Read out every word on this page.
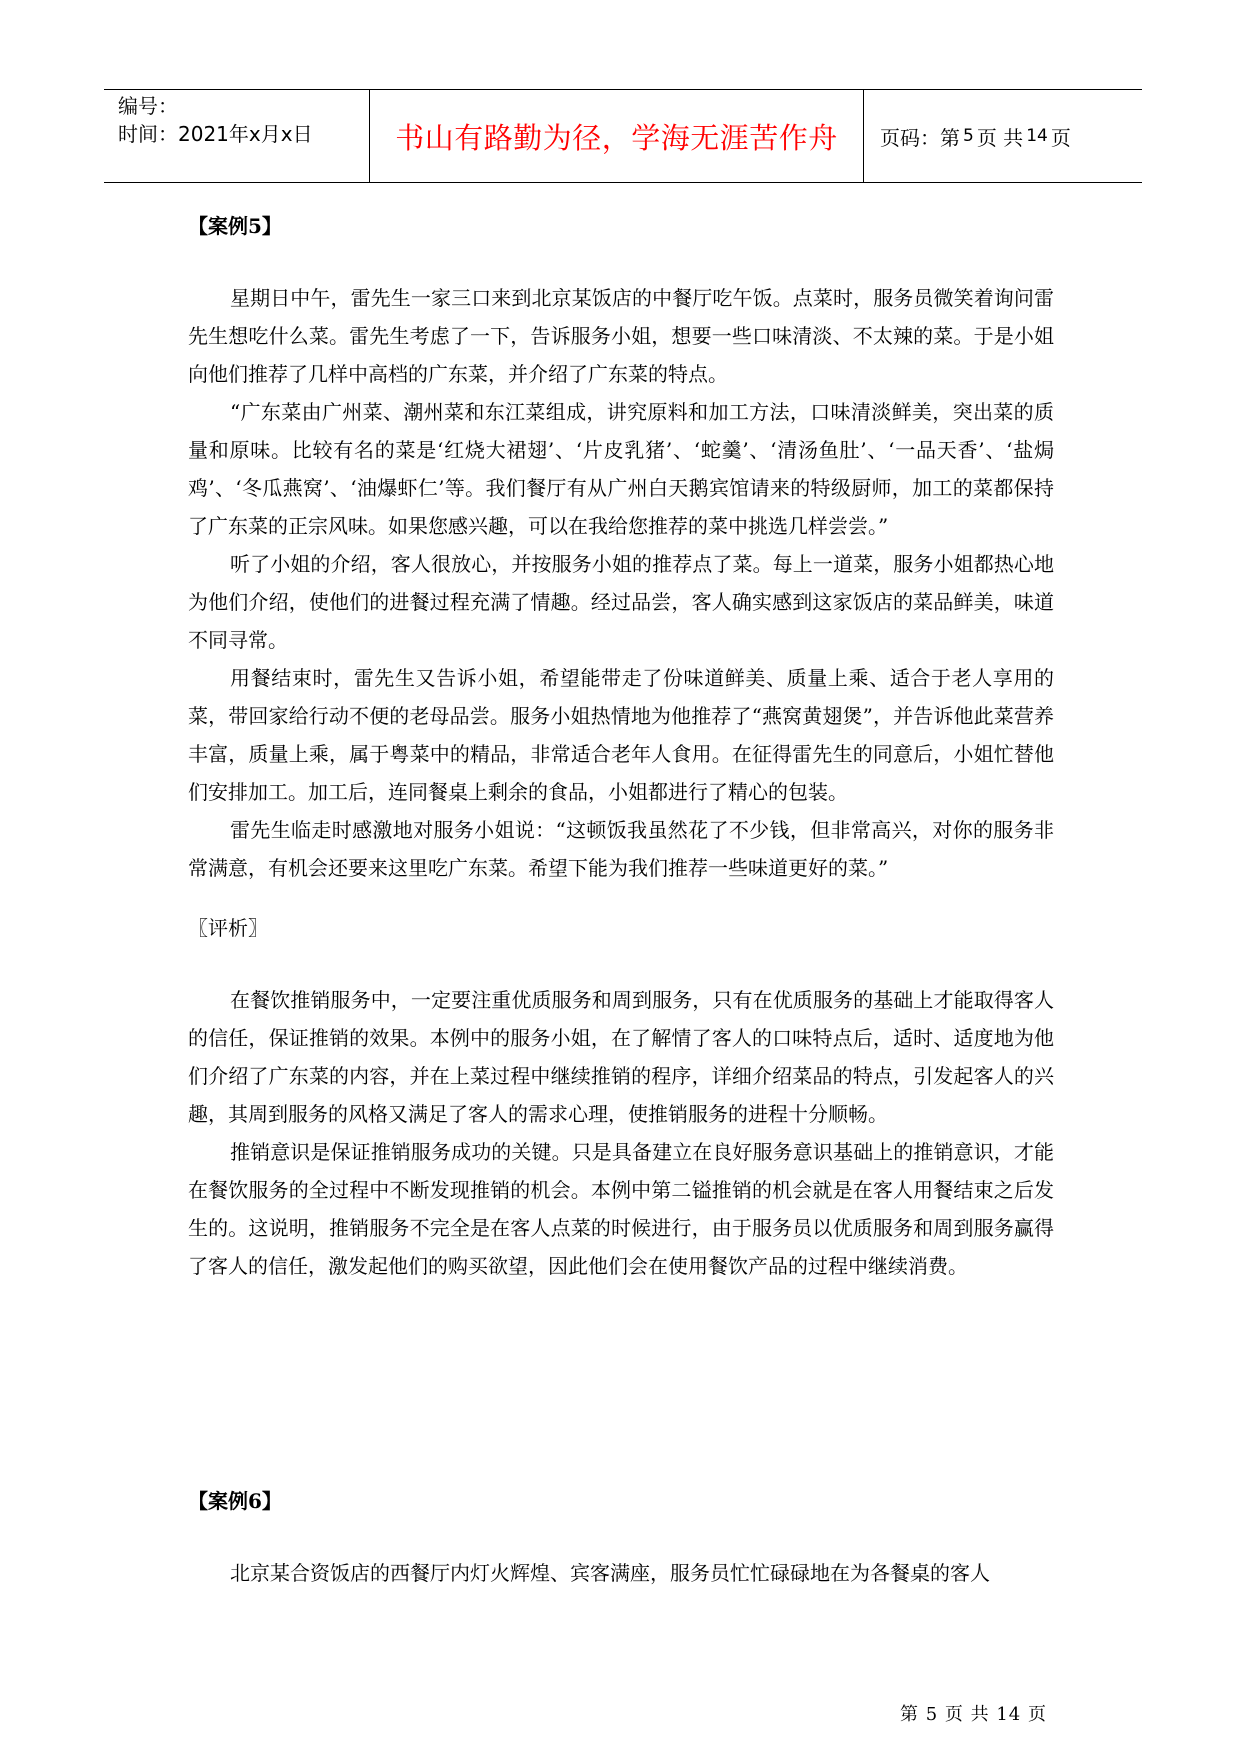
编号：
时间：2021年x月x日	书山有路勤为径，学海无涯苦作舟 页码：第 5 页 共 14 页
【案例5】

星期日中午，雷先生一家三口来到北京某饭店的中餐厅吃午饭。点菜时，服务员微笑着询问雷先生想吃什么菜。雷先生考虑了一下，告诉服务小姐，想要一些口味清淡、不太辣的菜。于是小姐向他们推荐了几样中高档的广东菜，并介绍了广东菜的特点。

“广东菜由广州菜、潮州菜和东江菜组成，讲究原料和加工方法，口味清淡鲜美，突出菜的质量和原味。比较有名的菜是‘红烧大裙翅’、‘片皮乳猪’、‘蛇羹’、‘清汤鱼肚’、‘一品天香’、‘盐焗鸡’、‘冬瓜燕窝’、‘油爆虾仁’等。我们餐厅有从广州白天鹅宾馆请来的特级厨师，加工的菜都保持了广东菜的正宗风味。如果您感兴趣，可以在我给您推荐的菜中挑选几样尝尝。”

听了小姐的介绍，客人很放心，并按服务小姐的推荐点了菜。每上一道菜，服务小姐都热心地为他们介绍，使他们的进餐过程充满了情趣。经过品尝，客人确实感到这家饭店的菜品鲜美，味道不同寻常。

用餐结束时，雷先生又告诉小姐，希望能带走了份味道鲜美、质量上乘、适合于老人享用的菜，带回家给行动不便的老母品尝。服务小姐热情地为他推荐了“燕窝黄翅煲”，并告诉他此菜营养丰富，质量上乘，属于粤菜中的精品，非常适合老年人食用。在征得雷先生的同意后，小姐忙替他们安排加工。加工后，连同餐桌上剩余的食品，小姐都进行了精心的包装。

雷先生临走时感激地对服务小姐说：“这顿饭我虽然花了不少钱，但非常高兴，对你的服务非常满意，有机会还要来这里吃广东菜。希望下能为我们推荐一些味道更好的菜。”

〖评析〗

在餐饮推销服务中，一定要注重优质服务和周到服务，只有在优质服务的基础上才能取得客人的信任，保证推销的效果。本例中的服务小姐，在了解情了客人的口味特点后，适时、适度地为他们介绍了广东菜的内容，并在上菜过程中继续推销的程序，详细介绍菜品的特点，引发起客人的兴趣，其周到服务的风格又满足了客人的需求心理，使推销服务的进程十分顺畅。

推销意识是保证推销服务成功的关键。只是具备建立在良好服务意识基础上的推销意识，才能在餐饮服务的全过程中不断发现推销的机会。本例中第二镒推销的机会就是在客人用餐结束之后发生的。这说明，推销服务不完全是在客人点菜的时候进行，由于服务员以优质服务和周到服务赢得了客人的信任，激发起他们的购买欲望，因此他们会在使用餐饮产品的过程中继续消费。

【案例6】

北京某合资饭店的西餐厅内灯火辉煌、宾客满座，服务员忙忙碌碌地在为各餐桌的客人

第 5 页 共 14 页
